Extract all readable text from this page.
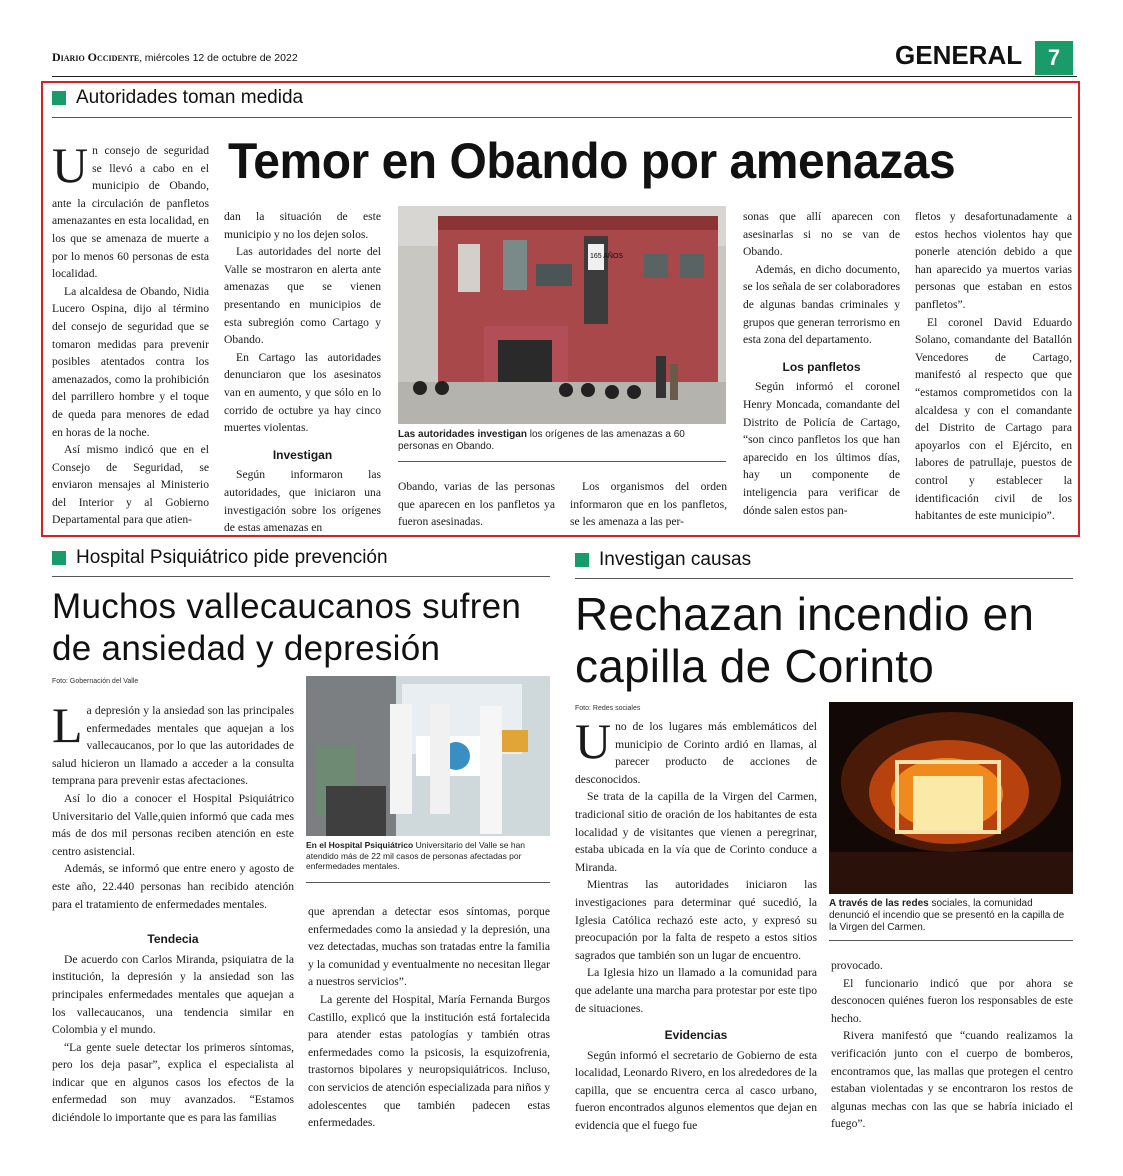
Diario Occidente, miércoles 12 de octubre de 2022	GENERAL	7
Autoridades toman medida
Temor en Obando por amenazas

Un consejo de seguridad se llevó a cabo en el municipio de Obando, ante la circulación de panfletos amenazantes en esta localidad, en los que se amenaza de muerte a por lo menos 60 personas de esta localidad.

La alcaldesa de Obando, Nidia Lucero Ospina, dijo al término del consejo de seguridad que se tomaron medidas para prevenir posibles atentados contra los amenazados, como la prohibición del parrillero hombre y el toque de queda para menores de edad en horas de la noche.

Así mismo indicó que en el Consejo de Seguridad, se enviaron mensajes al Ministerio del Interior y al Gobierno Departamental para que atien-

dan la situación de este municipio y no los dejen solos.

Las autoridades del norte del Valle se mostraron en alerta ante amenazas que se vienen presentando en municipios de esta subregión como Cartago y Obando.

En Cartago las autoridades denunciaron que los asesinatos van en aumento, y que sólo en lo corrido de octubre ya hay cinco muertes violentas.

Investigan

Según informaron las autoridades, que iniciaron una investigación sobre los orígenes de estas amenazas en

165 AÑOS
Las autoridades investigan los orígenes de las amenazas a 60 personas en Obando.

Obando, varias de las personas que aparecen en los panfletos ya fueron asesinadas.

Los organismos del orden informaron que en los panfletos, se les amenaza a las per-

sonas que allí aparecen con asesinarlas si no se van de Obando.

Además, en dicho documento, se los señala de ser colaboradores de algunas bandas criminales y grupos que generan terrorismo en esta zona del departamento.

Los panfletos

Según informó el coronel Henry Moncada, comandante del Distrito de Policía de Cartago, “son cinco panfletos los que han aparecido en los últimos días, hay un componente de inteligencia para verificar de dónde salen estos pan-

fletos y desafortunadamente a estos hechos violentos hay que ponerle atención debido a que han aparecido ya muertos varias personas que estaban en estos panfletos”.

El coronel David Eduardo Solano, comandante del Batallón Vencedores de Cartago, manifestó al respecto que que “estamos comprometidos con la alcaldesa y con el comandante del Distrito de Cartago para apoyarlos con el Ejército, en labores de patrullaje, puestos de control y establecer la identificación civil de los habitantes de este municipio”.

Hospital Psiquiátrico pide prevención
Muchos vallecaucanos sufren de ansiedad y depresión
Foto: Gobernación del Valle

La depresión y la ansiedad son las principales enfermedades mentales que aquejan a los vallecaucanos, por lo que las autoridades de salud hicieron un llamado a acceder a la consulta temprana para prevenir estas afectaciones.

Así lo dio a conocer el Hospital Psiquiátrico Universitario del Valle,quien informó que cada mes más de dos mil personas reciben atención en este centro asistencial.

Además, se informó que entre enero y agosto de este año, 22.440 personas han recibido atención para el tratamiento de enfermedades mentales.

Tendecia

De acuerdo con Carlos Miranda, psiquiatra de la institución, la depresión y la ansiedad son las principales enfermedades mentales que aquejan a los vallecaucanos, una tendencia similar en Colombia y el mundo.

“La gente suele detectar los primeros síntomas, pero los deja pasar”, explica el especialista al indicar que en algunos casos los efectos de la enfermedad son muy avanzados. “Estamos diciéndole lo importante que es para las familias

En el Hospital Psiquiátrico Universitario del Valle se han atendido más de 22 mil casos de personas afectadas por enfermedades mentales.

que aprendan a detectar esos síntomas, porque enfermedades como la ansiedad y la depresión, una vez detectadas, muchas son tratadas entre la familia y la comunidad y eventualmente no necesitan llegar a nuestros servicios”.

La gerente del Hospital, María Fernanda Burgos Castillo, explicó que la institución está fortalecida para atender estas patologías y también otras enfermedades como la psicosis, la esquizofrenia, trastornos bipolares y neuropsiquiátricos. Incluso, con servicios de atención especializada para niños y adolescentes que también padecen estas enfermedades.

Investigan causas
Rechazan incendio en capilla de Corinto
Foto: Redes sociales

Uno de los lugares más emblemáticos del municipio de Corinto ardió en llamas, al parecer producto de acciones de desconocidos.

Se trata de la capilla de la Virgen del Carmen, tradicional sitio de oración de los habitantes de esta localidad y de visitantes que vienen a peregrinar, estaba ubicada en la vía que de Corinto conduce a Miranda.

Mientras las autoridades iniciaron las investigaciones para determinar qué sucedió, la Iglesia Católica rechazó este acto, y expresó su preocupación por la falta de respeto a estos sitios sagrados que también son un lugar de encuentro.

La Iglesia hizo un llamado a la comunidad para que adelante una marcha para protestar por este tipo de situaciones.

Evidencias

Según informó el secretario de Gobierno de esta localidad, Leonardo Rivero, en los alrededores de la capilla, que se encuentra cerca al casco urbano, fueron encontrados algunos elementos que dejan en evidencia que el fuego fue

A través de las redes sociales, la comunidad denunció el incendio que se presentó en la capilla de la Virgen del Carmen.

provocado.

El funcionario indicó que por ahora se desconocen quiénes fueron los responsables de este hecho.

Rivera manifestó que “cuando realizamos la verificación junto con el cuerpo de bomberos, encontramos que, las mallas que protegen el centro estaban violentadas y se encontraron los restos de algunas mechas con las que se habría iniciado el fuego”.
